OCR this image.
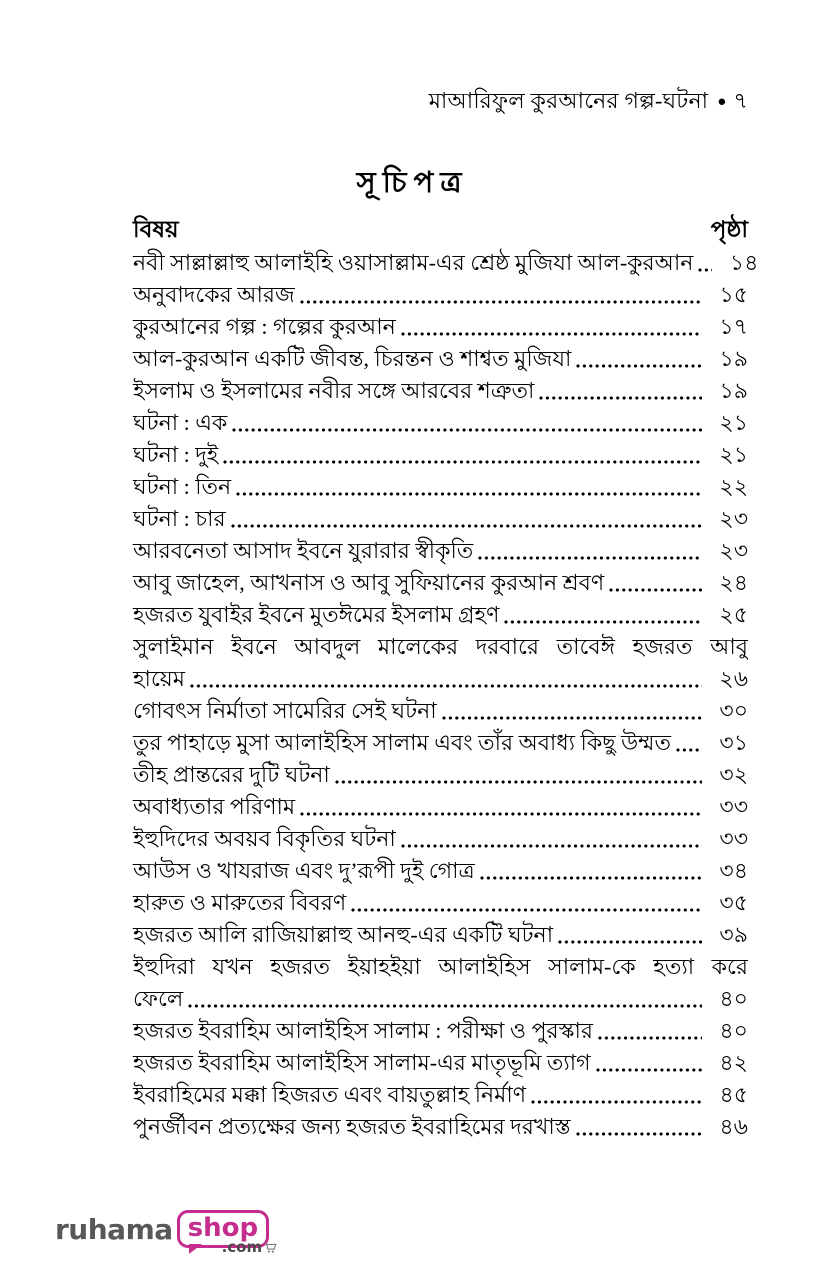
মাআরিফুল কুরআনের গল্প-ঘটনা ● ৭
সূচিপত্র
বিষয়	পৃষ্ঠা
নবী সাল্লাল্লাহু আলাইহি ওয়াসাল্লাম-এর শ্রেষ্ঠ মুজিযা আল-কুরআন	১৪
অনুবাদকের আরজ	১৫
কুরআনের গল্প : গল্পের কুরআন	১৭
আল-কুরআন একটি জীবন্ত, চিরন্তন ও শাশ্বত মুজিযা	১৯
ইসলাম ও ইসলামের নবীর সঙ্গে আরবের শত্রুতা	১৯
ঘটনা : এক	২১
ঘটনা : দুই	২১
ঘটনা : তিন	২২
ঘটনা : চার	২৩
আরবনেতা আসাদ ইবনে যুরারার স্বীকৃতি	২৩
আবু জাহেল, আখনাস ও আবু সুফিয়ানের কুরআন শ্রবণ	২৪
হজরত যুবাইর ইবনে মুতঈমের ইসলাম গ্রহণ	২৫
সুলাইমান ইবনে আবদুল মালেকের দরবারে তাবেঈ হজরত আবু
হায়েম	২৬
গোবৎস নির্মাতা সামেরির সেই ঘটনা	৩০
তুর পাহাড়ে মুসা আলাইহিস সালাম এবং তাঁর অবাধ্য কিছু উম্মত	৩১
তীহ প্রান্তরের দুটি ঘটনা	৩২
অবাধ্যতার পরিণাম	৩৩
ইহুদিদের অবয়ব বিকৃতির ঘটনা	৩৩
আউস ও খাযরাজ এবং দু’রূপী দুই গোত্র	৩৪
হারুত ও মারুতের বিবরণ	৩৫
হজরত আলি রাজিয়াল্লাহু আনহু-এর একটি ঘটনা	৩৯
ইহুদিরা যখন হজরত ইয়াহইয়া আলাইহিস সালাম-কে হত্যা করে
ফেলে	৪০
হজরত ইবরাহিম আলাইহিস সালাম : পরীক্ষা ও পুরস্কার	৪০
হজরত ইবরাহিম আলাইহিস সালাম-এর মাতৃভূমি ত্যাগ	৪২
ইবরাহিমের মক্কা হিজরত এবং বায়তুল্লাহ নির্মাণ	৪৫
পুনর্জীবন প্রত্যক্ষের জন্য হজরত ইবরাহিমের দরখাস্ত	৪৬
ruhama shop
.com
